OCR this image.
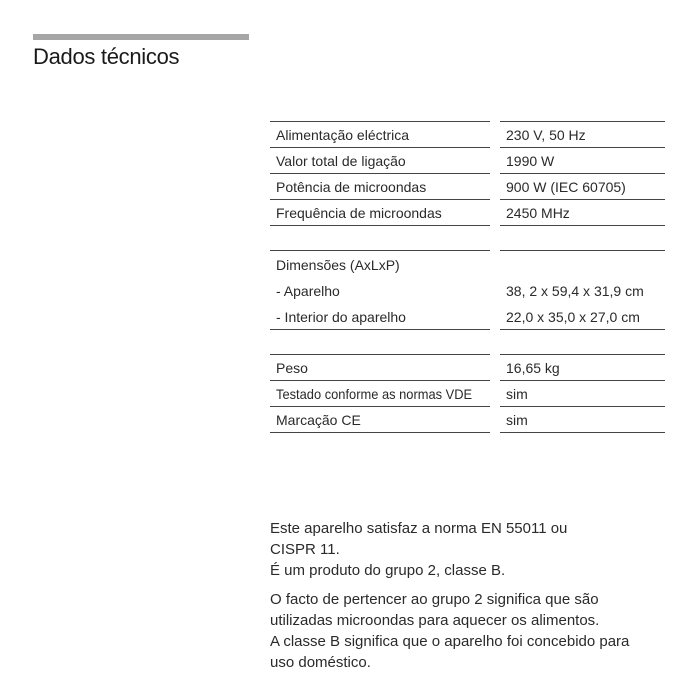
Dados técnicos
Alimentação eléctrica	230 V, 50 Hz
Valor total de ligação	1990 W
Potência de microondas	900 W (IEC 60705)
Frequência de microondas	2450 MHz
Dimensões (AxLxP)
- Aparelho	38, 2 x 59,4 x 31,9 cm
- Interior do aparelho	22,0 x 35,0 x 27,0 cm
Peso	16,65 kg
Testado conforme as normas VDE sim
Marcação CE	sim
Este aparelho satisfaz a norma EN 55011 ou
CISPR 11.
É um produto do grupo 2, classe B.
O facto de pertencer ao grupo 2 significa que são
utilizadas microondas para aquecer os alimentos.
A classe B significa que o aparelho foi concebido para
uso doméstico.
